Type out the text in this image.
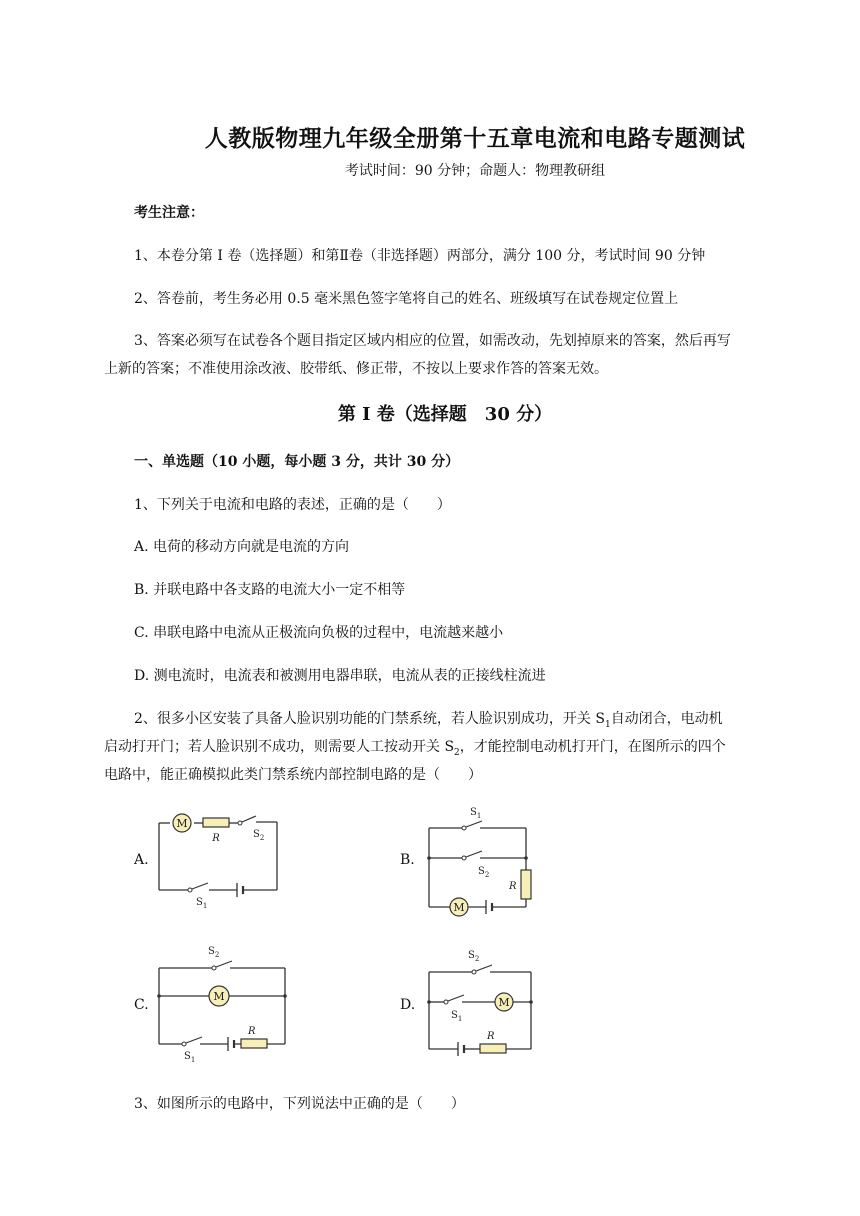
人教版物理九年级全册第十五章电流和电路专题测试
考试时间：90 分钟；命题人：物理教研组
考生注意：
1、本卷分第 I 卷（选择题）和第Ⅱ卷（非选择题）两部分，满分 100 分，考试时间 90 分钟
2、答卷前，考生务必用 0.5 毫米黑色签字笔将自己的姓名、班级填写在试卷规定位置上
3、答案必须写在试卷各个题目指定区域内相应的位置，如需改动，先划掉原来的答案，然后再写
上新的答案；不准使用涂改液、胶带纸、修正带，不按以上要求作答的答案无效。
第 I 卷（选择题　30 分）
一、单选题（10 小题，每小题 3 分，共计 30 分）
1、下列关于电流和电路的表述，正确的是（　　）
A. 电荷的移动方向就是电流的方向
B. 并联电路中各支路的电流大小一定不相等
C. 串联电路中电流从正极流向负极的过程中，电流越来越小
D. 测电流时，电流表和被测用电器串联，电流从表的正接线柱流进
2、很多小区安装了具备人脸识别功能的门禁系统，若人脸识别成功，开关 $S_1$自动闭合，电动机
启动打开门；若人脸识别不成功，则需要人工按动开关 $S_2$，才能控制电动机打开门，在图所示的四个
电路中，能正确模拟此类门禁系统内部控制电路的是（　　）
A.	B.
C.	D.
M
R	$S_2$
$S_1$
$S_1$
$S_2$
R
M
$S_2$
M
$S_1$
R
$S_2$
$S_1$
M
R
3、如图所示的电路中，下列说法中正确的是（　　）
